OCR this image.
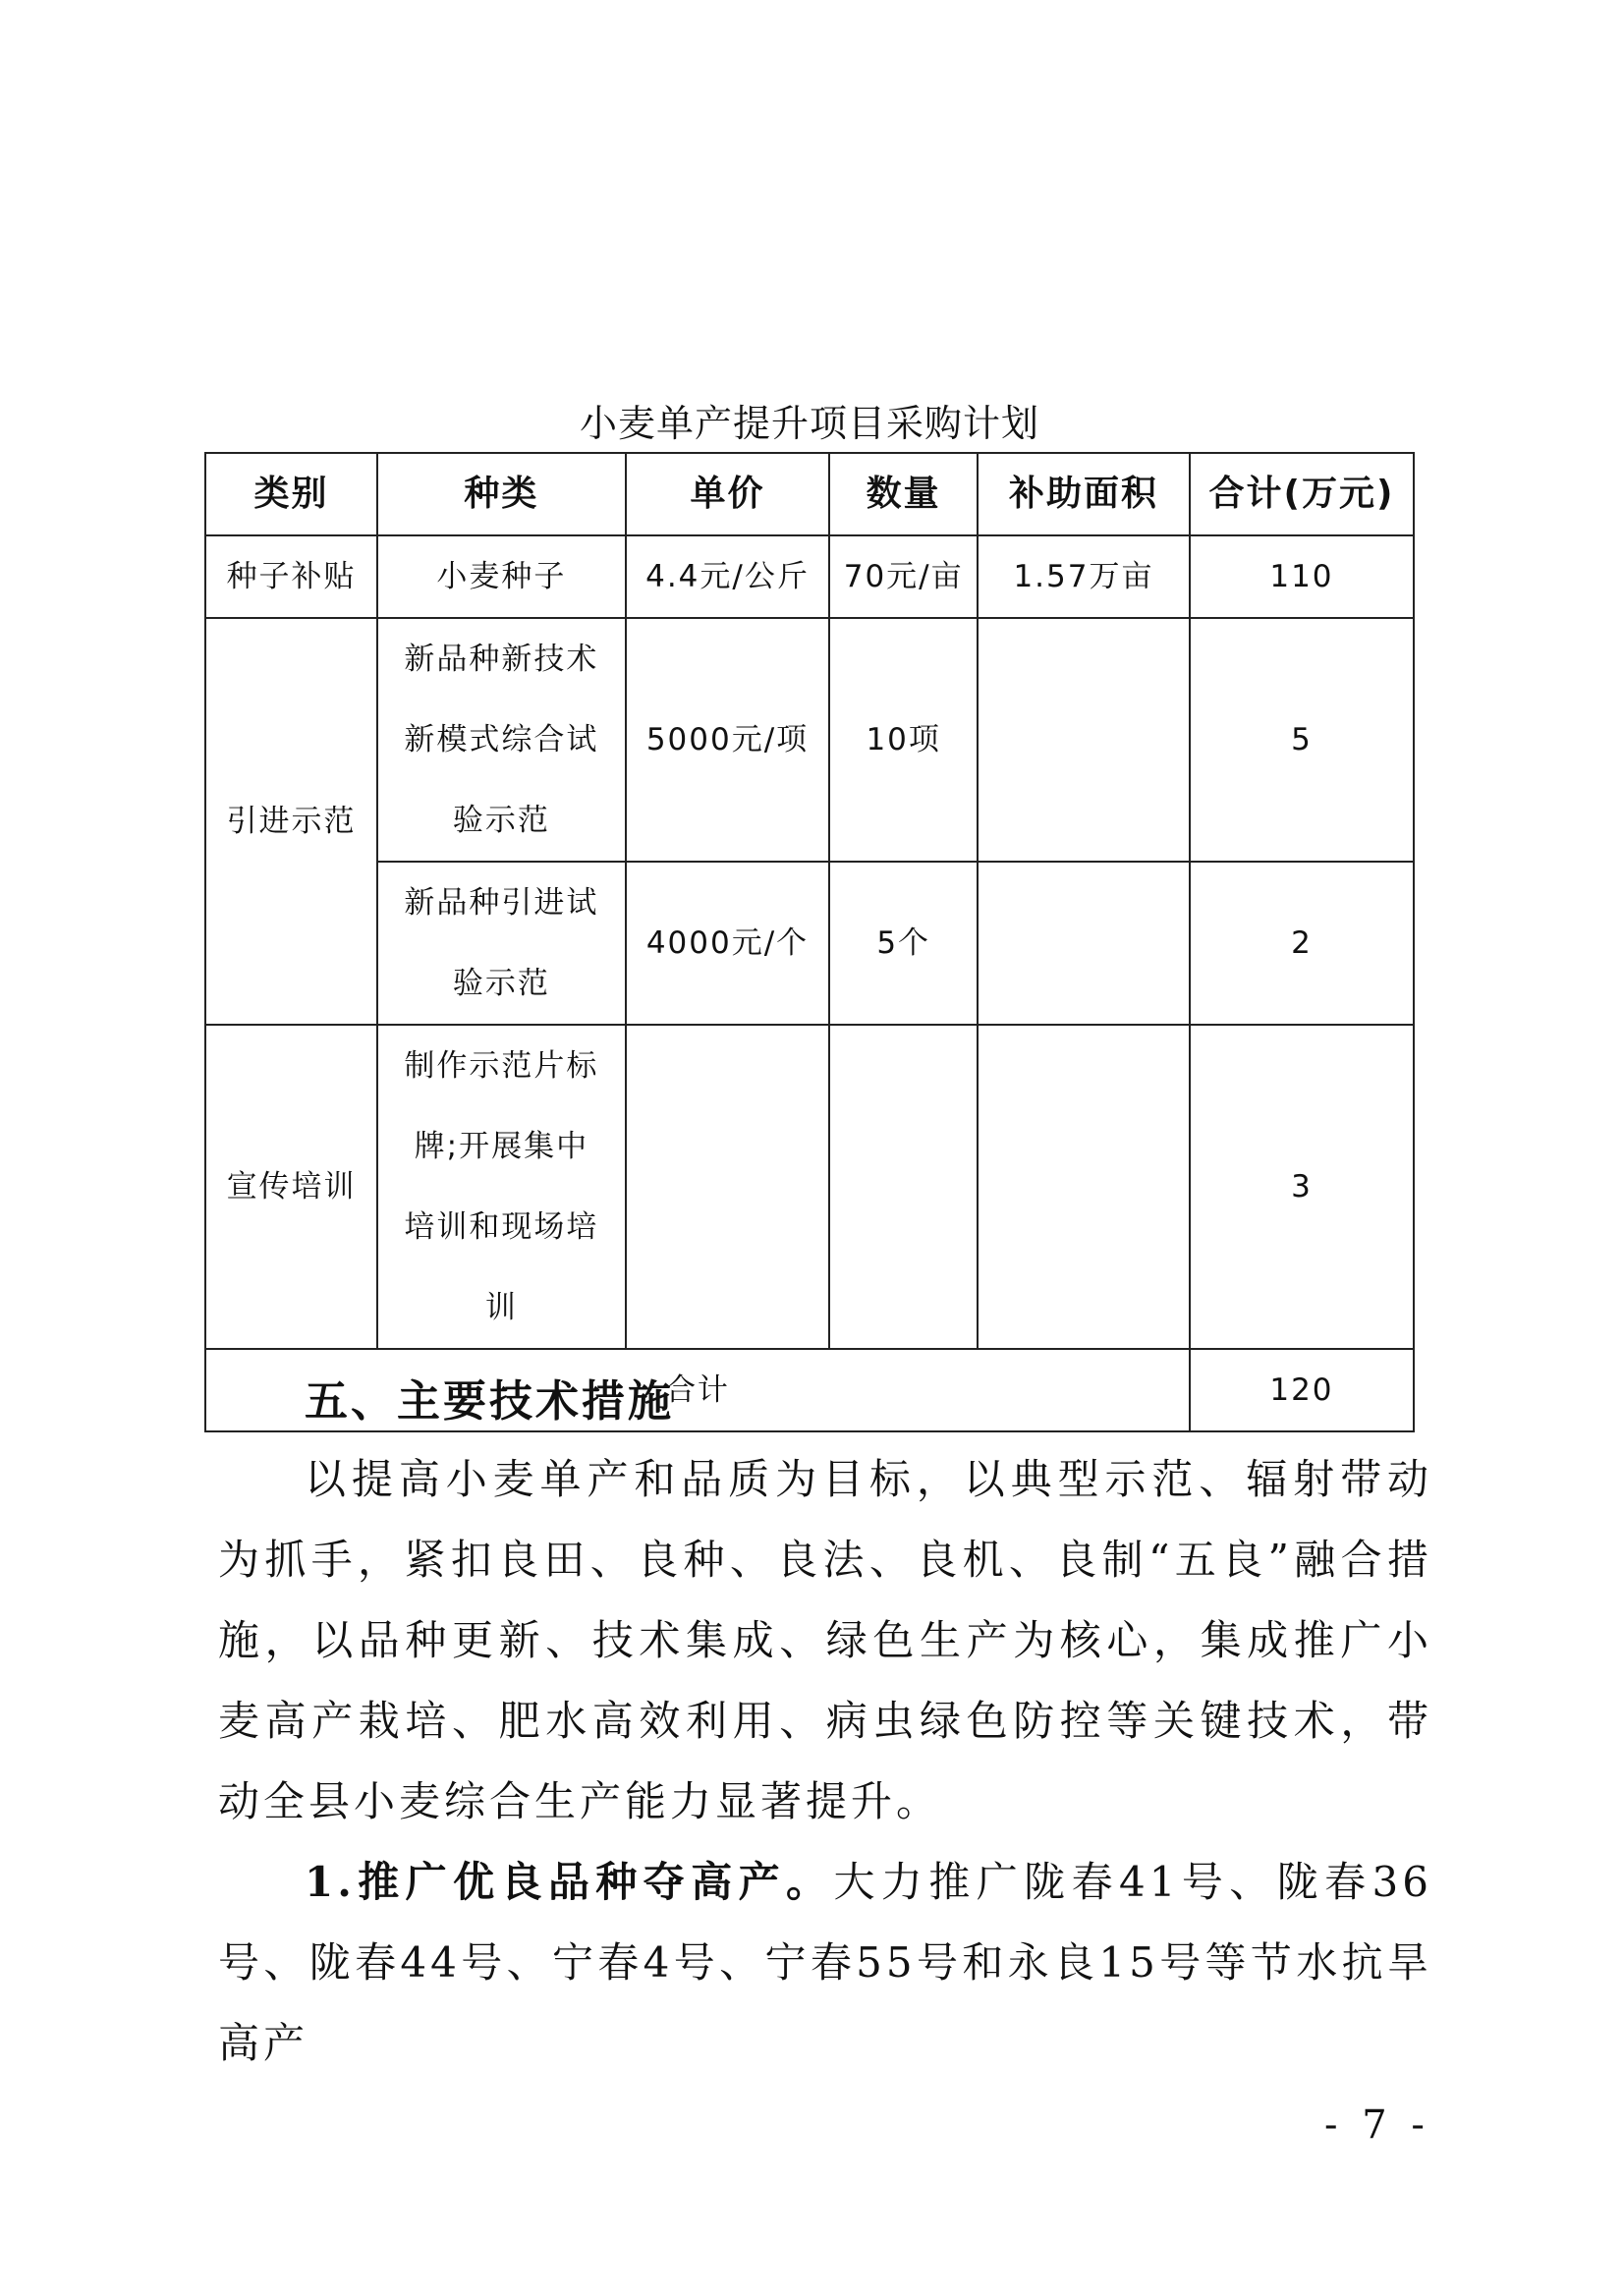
小麦单产提升项目采购计划
类别	种类	单价	数量	补助面积	合计(万元)
种子补贴	小麦种子	4.4元/公斤	70元/亩	1.57万亩	110
引进示范	新品种新技术新模式综合试验示范	5000元/项	10项		5
	新品种引进试验示范	4000元/个	5个		2
宣传培训	制作示范片标牌;开展集中培训和现场培训				3
合计					120
五、主要技术措施
以提高小麦单产和品质为目标，以典型示范、辐射带动为抓手，紧扣良田、良种、良法、良机、良制“五良”融合措施，以品种更新、技术集成、绿色生产为核心，集成推广小麦高产栽培、肥水高效利用、病虫绿色防控等关键技术，带动全县小麦综合生产能力显著提升。
1.推广优良品种夺高产。大力推广陇春41号、陇春36号、陇春44号、宁春4号、宁春55号和永良15号等节水抗旱高产
- 7 -
